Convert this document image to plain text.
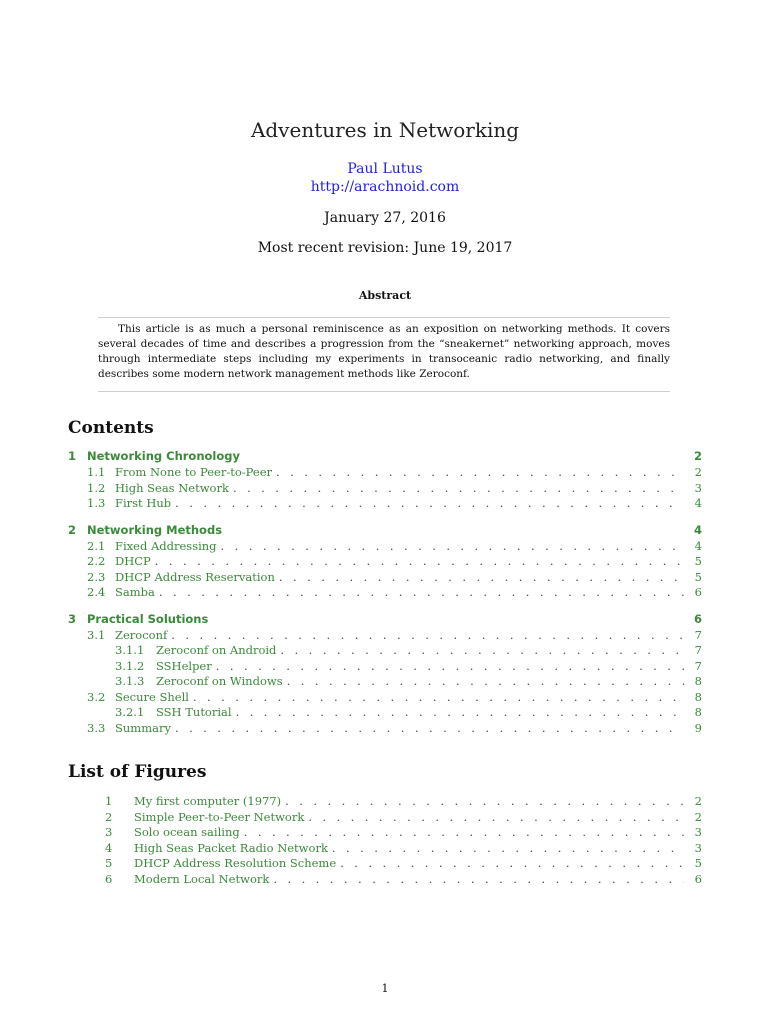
Adventures in Networking
Paul Lutus
http://arachnoid.com
January 27, 2016
Most recent revision: June 19, 2017
Abstract
This article is as much a personal reminiscence as an exposition on networking methods. It covers several decades of time and describes a progression from the “sneakernet” networking approach, moves through intermediate steps including my experiments in transoceanic radio networking, and finally describes some modern network management methods like Zeroconf.
Contents
1 Networking Chronology	2
1.1 From None to Peer-to-Peer . . .	2
1.2 High Seas Network . . .	3
1.3 First Hub . . .	4
2 Networking Methods	4
2.1 Fixed Addressing . . .	4
2.2 DHCP . . .	5
2.3 DHCP Address Reservation . . .	5
2.4 Samba . . .	6
3 Practical Solutions	6
3.1 Zeroconf . . .	7
3.1.1	Zeroconf on Android . . .	7
3.1.2	SSHelper . . .	7
3.1.3	Zeroconf on Windows . . .	8
3.2 Secure Shell . . .	8
3.2.1	SSH Tutorial . . .	8
3.3 Summary . . .	9
List of Figures
1	My first computer (1977) . . .	2
2	Simple Peer-to-Peer Network . . .	2
3	Solo ocean sailing . . .	3
4	High Seas Packet Radio Network . . .	3
5	DHCP Address Resolution Scheme . . .	5
6	Modern Local Network . . .	6
1
